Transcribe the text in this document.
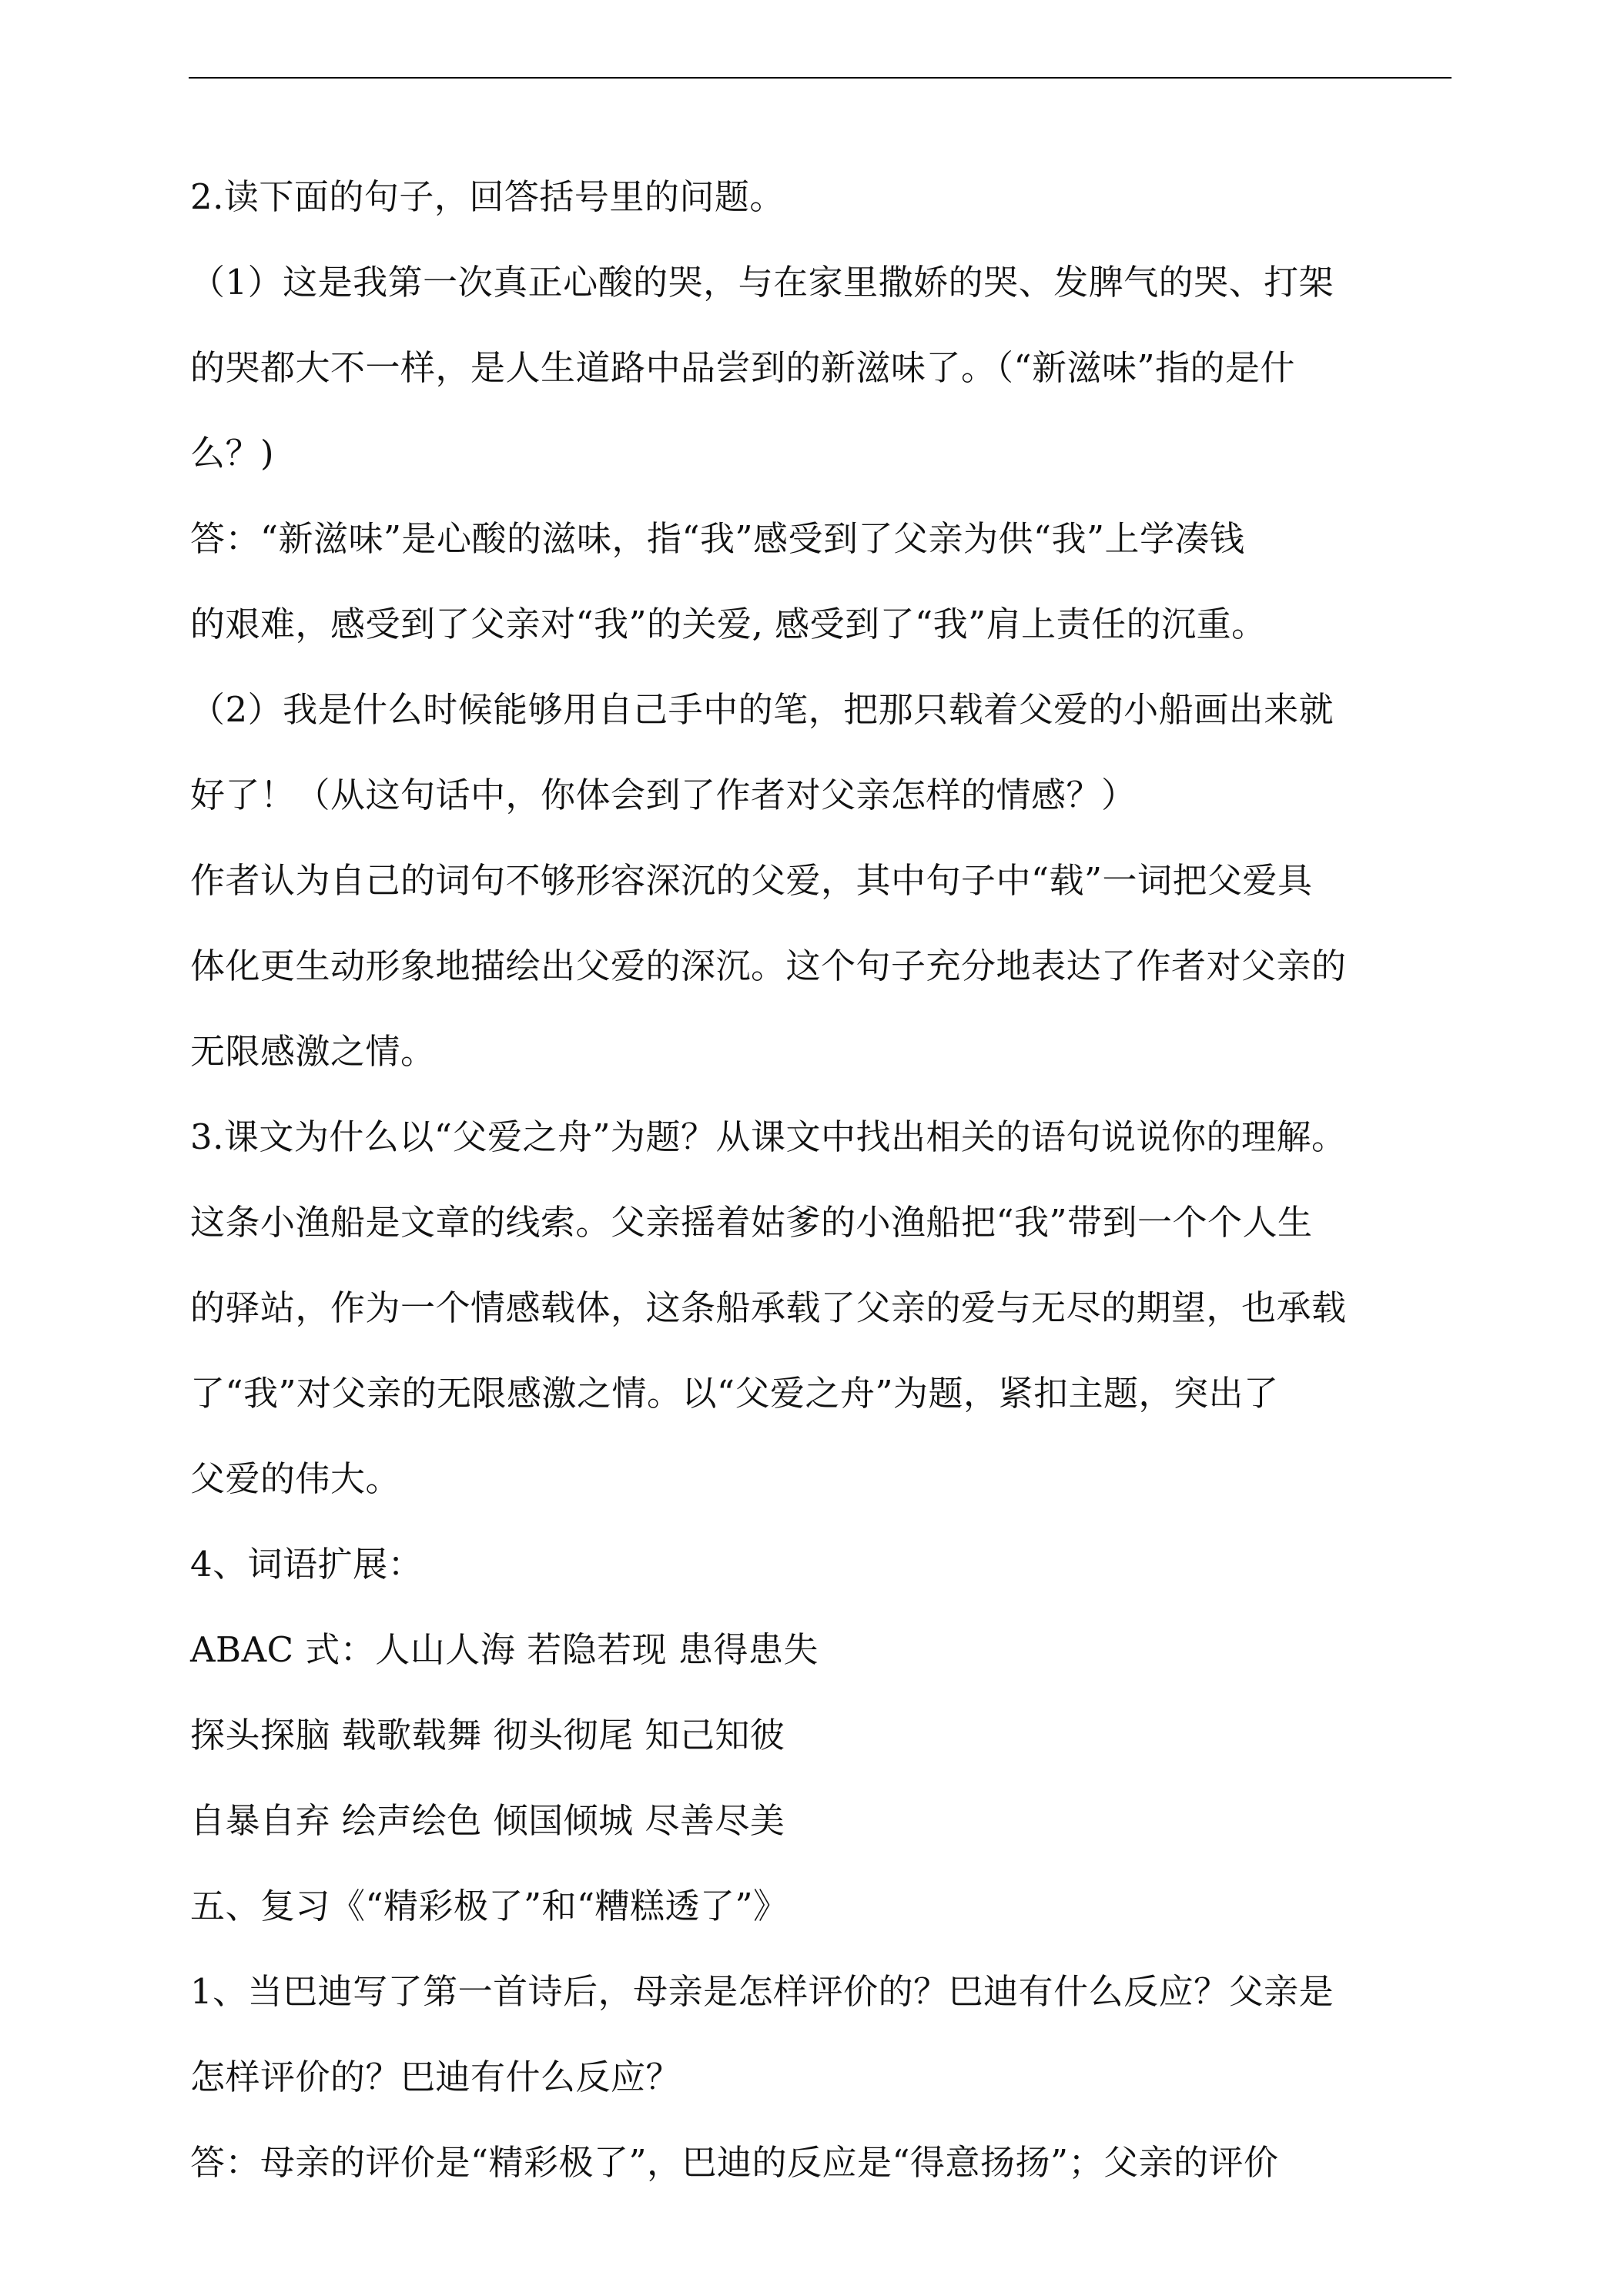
2.读下面的句子，回答括号里的问题。
（1）这是我第一次真正心酸的哭，与在家里撒娇的哭、发脾气的哭、打架
的哭都大不一样，是人生道路中品尝到的新滋味了。（“新滋味”指的是什
么？)
答：“新滋味”是心酸的滋味，指“我”感受到了父亲为供“我”上学凑钱
的艰难，感受到了父亲对“我”的关爱, 感受到了“我”肩上责任的沉重。
（2）我是什么时候能够用自己手中的笔，把那只载着父爱的小船画出来就
好了！（从这句话中，你体会到了作者对父亲怎样的情感？）
作者认为自己的词句不够形容深沉的父爱，其中句子中“载”一词把父爱具
体化更生动形象地描绘出父爱的深沉。这个句子充分地表达了作者对父亲的
无限感激之情。
3.课文为什么以“父爱之舟”为题？从课文中找出相关的语句说说你的理解。
这条小渔船是文章的线索。父亲摇着姑爹的小渔船把“我”带到一个个人生
的驿站，作为一个情感载体，这条船承载了父亲的爱与无尽的期望，也承载
了“我”对父亲的无限感激之情。以“父爱之舟”为题，紧扣主题，突出了
父爱的伟大。
4、词语扩展：
ABAC 式：人山人海 若隐若现 患得患失
探头探脑 载歌载舞 彻头彻尾 知己知彼
自暴自弃 绘声绘色 倾国倾城 尽善尽美
五、复习《“精彩极了”和“糟糕透了”》
1、当巴迪写了第一首诗后，母亲是怎样评价的？巴迪有什么反应？父亲是
怎样评价的？巴迪有什么反应？
答：母亲的评价是“精彩极了”，巴迪的反应是“得意扬扬”；父亲的评价
